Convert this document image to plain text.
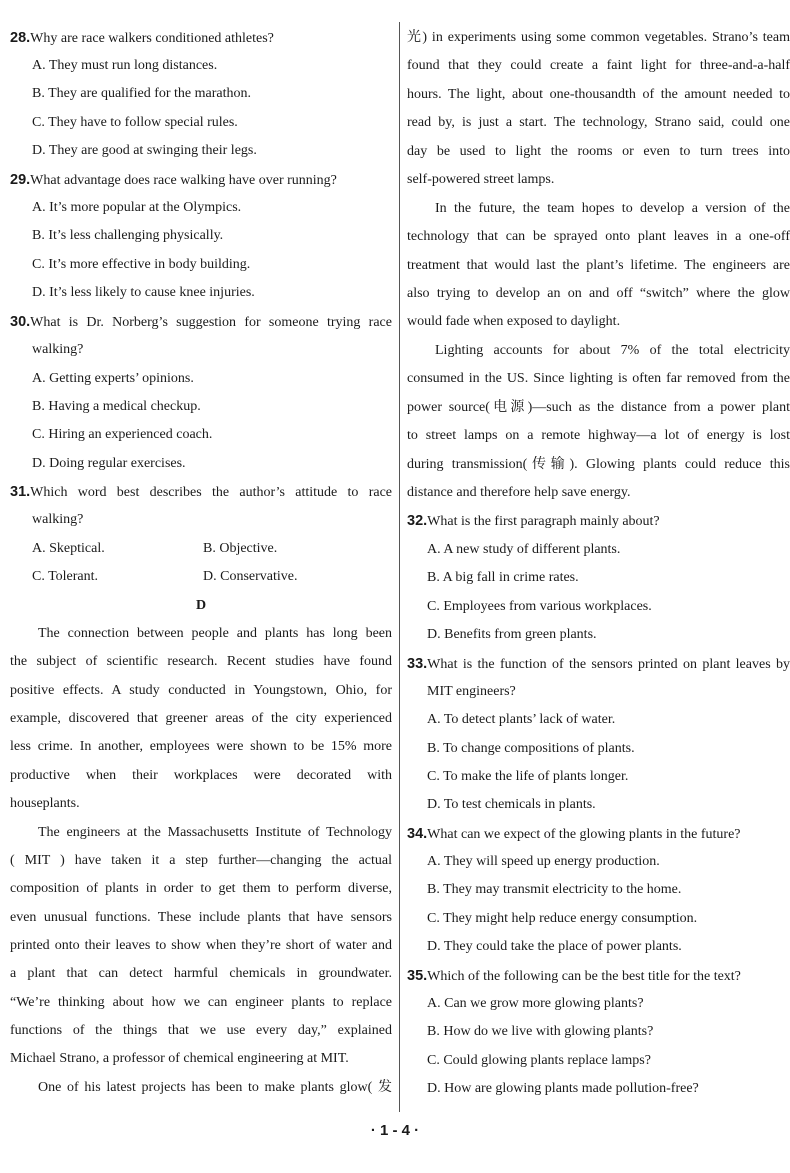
28.Why are race walkers conditioned athletes?
A. They must run long distances.
B. They are qualified for the marathon.
C. They have to follow special rules.
D. They are good at swinging their legs.
29.What advantage does race walking have over running?
A. It’s more popular at the Olympics.
B. It’s less challenging physically.
C. It’s more effective in body building.
D. It’s less likely to cause knee injuries.
30.What is Dr. Norberg’s suggestion for someone trying race
walking?
A. Getting experts’ opinions.
B. Having a medical checkup.
C. Hiring an experienced coach.
D. Doing regular exercises.
31.Which word best describes the author’s attitude to race
walking?
A. Skeptical.	B. Objective.
C. Tolerant.	D. Conservative.
D
The connection between people and plants has long been
the subject of scientific research. Recent studies have found
positive effects. A study conducted in Youngstown, Ohio, for
example, discovered that greener areas of the city experienced
less crime. In another, employees were shown to be 15% more
productive when their workplaces were decorated with
houseplants.
The engineers at the Massachusetts Institute of Technology
( MIT ) have taken it a step further—changing the actual
composition of plants in order to get them to perform diverse,
even unusual functions. These include plants that have sensors
printed onto their leaves to show when they’re short of water and
a plant that can detect harmful chemicals in groundwater.
“We’re thinking about how we can engineer plants to replace
functions of the things that we use every day,” explained
Michael Strano, a professor of chemical engineering at MIT.
One of his latest projects has been to make plants glow( 发
光) in experiments using some common vegetables. Strano’s team
found that they could create a faint light for three-and-a-half
hours. The light, about one-thousandth of the amount needed to
read by, is just a start. The technology, Strano said, could one
day be used to light the rooms or even to turn trees into
self-powered street lamps.
In the future, the team hopes to develop a version of the
technology that can be sprayed onto plant leaves in a one-off
treatment that would last the plant’s lifetime. The engineers are
also trying to develop an on and off “switch” where the glow
would fade when exposed to daylight.
Lighting accounts for about 7% of the total electricity
consumed in the US. Since lighting is often far removed from the
power source(电源)—such as the distance from a power plant
to street lamps on a remote highway—a lot of energy is lost
during transmission(传输). Glowing plants could reduce this
distance and therefore help save energy.
32.What is the first paragraph mainly about?
A. A new study of different plants.
B. A big fall in crime rates.
C. Employees from various workplaces.
D. Benefits from green plants.
33.What is the function of the sensors printed on plant leaves by
MIT engineers?
A. To detect plants’ lack of water.
B. To change compositions of plants.
C. To make the life of plants longer.
D. To test chemicals in plants.
34.What can we expect of the glowing plants in the future?
A. They will speed up energy production.
B. They may transmit electricity to the home.
C. They might help reduce energy consumption.
D. They could take the place of power plants.
35.Which of the following can be the best title for the text?
A. Can we grow more glowing plants?
B. How do we live with glowing plants?
C. Could glowing plants replace lamps?
D. How are glowing plants made pollution-free?
· 1 - 4 ·
